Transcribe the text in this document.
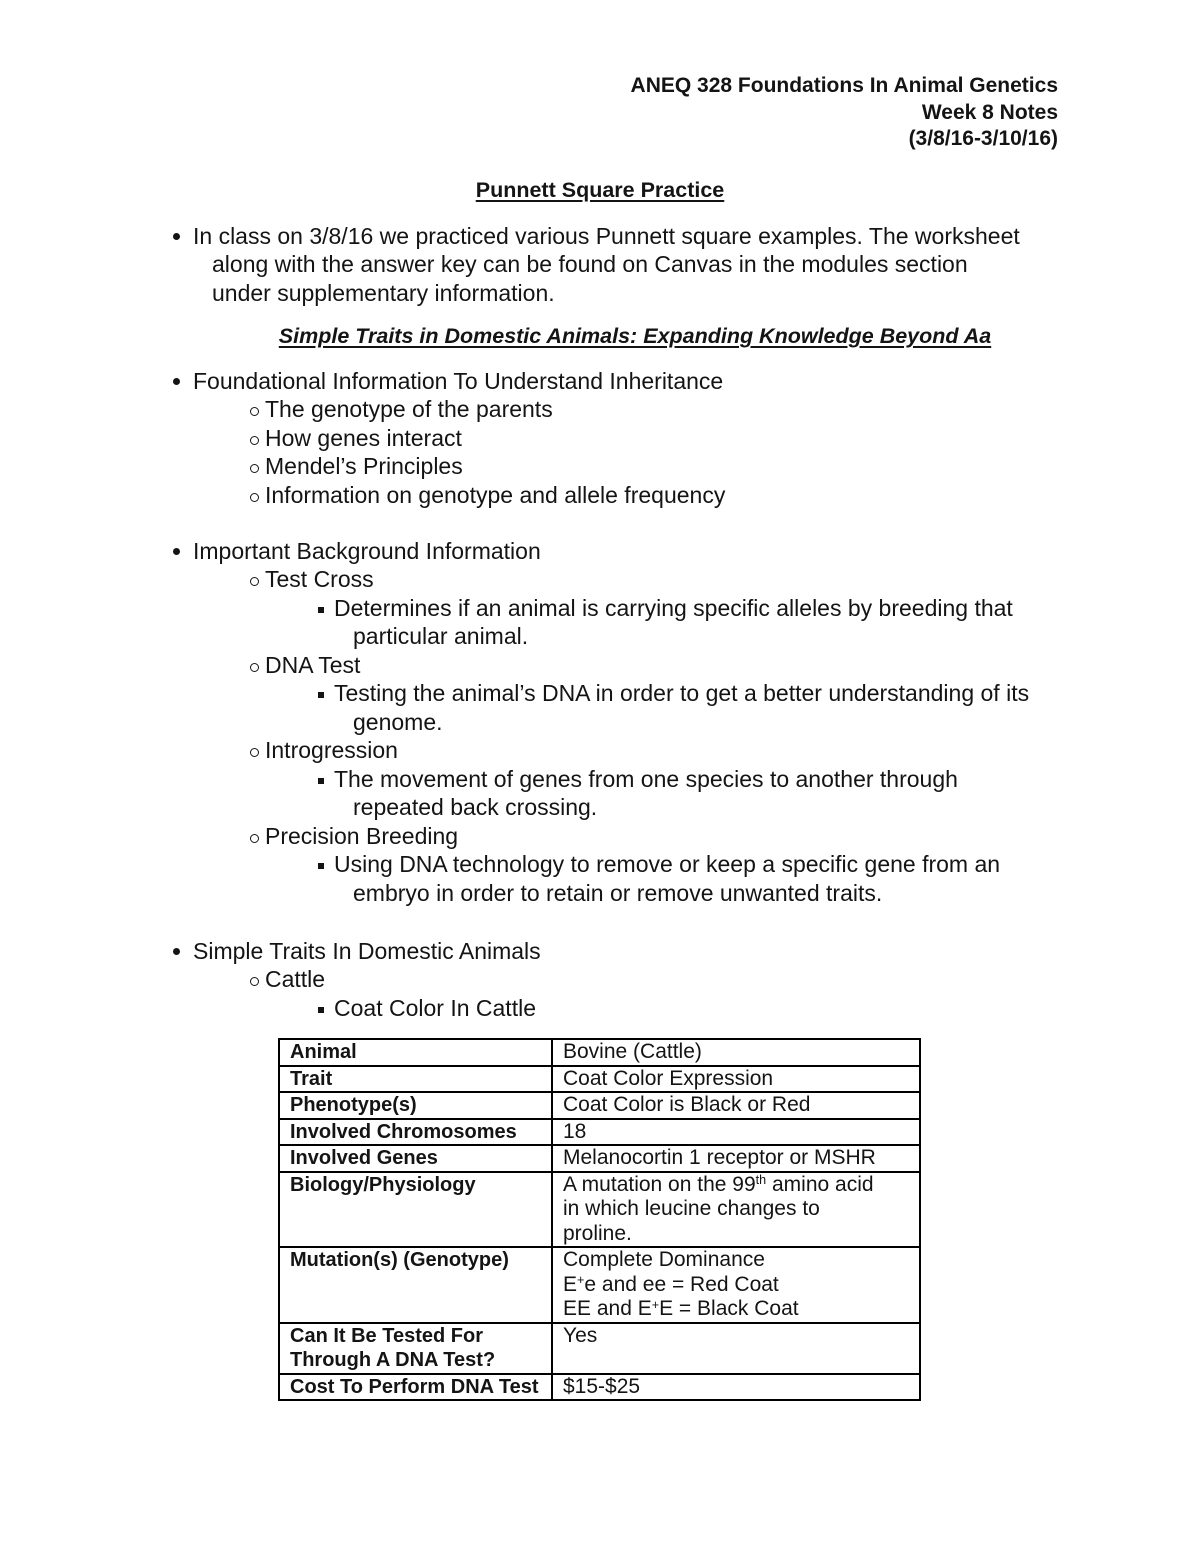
ANEQ 328 Foundations In Animal Genetics
Week 8 Notes
(3/8/16-3/10/16)
Punnett Square Practice
In class on 3/8/16 we practiced various Punnett square examples. The worksheet
along with the answer key can be found on Canvas in the modules section
under supplementary information.
Simple Traits in Domestic Animals: Expanding Knowledge Beyond Aa
Foundational Information To Understand Inheritance
The genotype of the parents
How genes interact
Mendel’s Principles
Information on genotype and allele frequency
Important Background Information
Test Cross
Determines if an animal is carrying specific alleles by breeding that
particular animal.
DNA Test
Testing the animal’s DNA in order to get a better understanding of its
genome.
Introgression
The movement of genes from one species to another through
repeated back crossing.
Precision Breeding
Using DNA technology to remove or keep a specific gene from an
embryo in order to retain or remove unwanted traits.
Simple Traits In Domestic Animals
Cattle
Coat Color In Cattle
Animal	Bovine (Cattle)
Trait	Coat Color Expression
Phenotype(s)	Coat Color is Black or Red
Involved Chromosomes	18
Involved Genes	Melanocortin 1 receptor or MSHR
Biology/Physiology	A mutation on the 99th amino acid
in which leucine changes to
proline.

Mutation(s) (Genotype)	Complete Dominance
E+e and ee = Red Coat
EE and E+E = Black Coat

Can It Be Tested For
Through A DNA Test?	Yes
Cost To Perform DNA Test	$15-$25
